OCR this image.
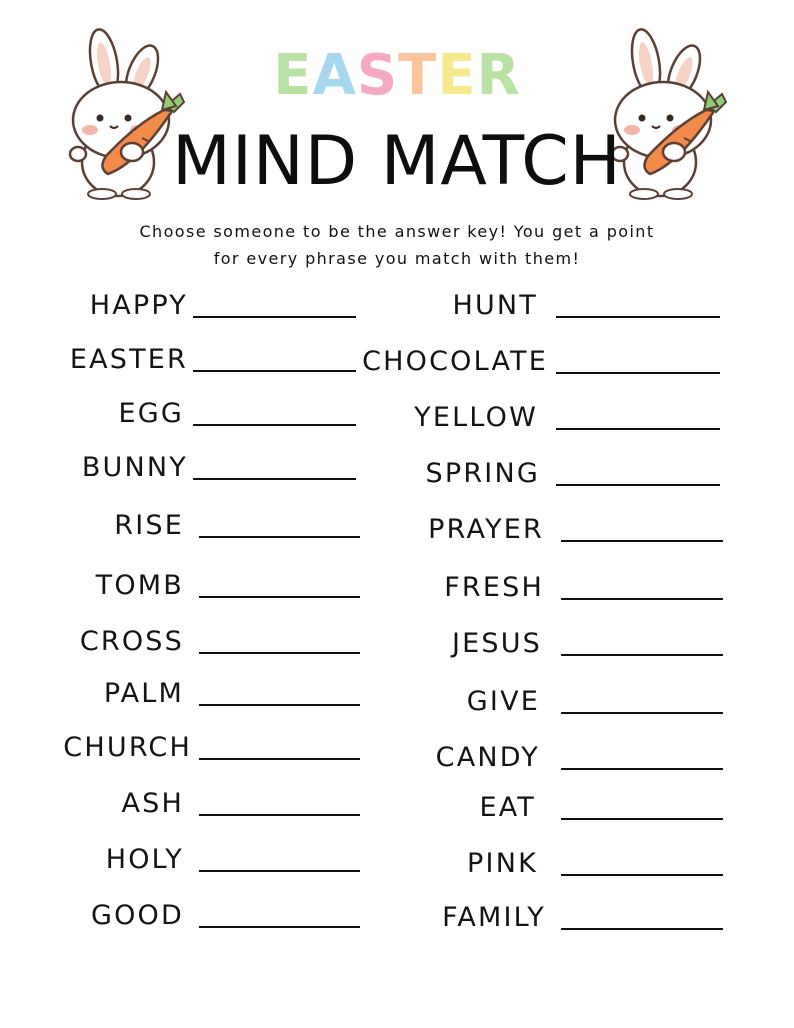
EASTER
MIND MATCH
Choose someone to be the answer key! You get a point
for every phrase you match with them!
HAPPY
EASTER
EGG
BUNNY
RISE
TOMB
CROSS
PALM
CHURCH
ASH
HOLY
GOOD
HUNT
CHOCOLATE
YELLOW
SPRING
PRAYER
FRESH
JESUS
GIVE
CANDY
EAT
PINK
FAMILY
